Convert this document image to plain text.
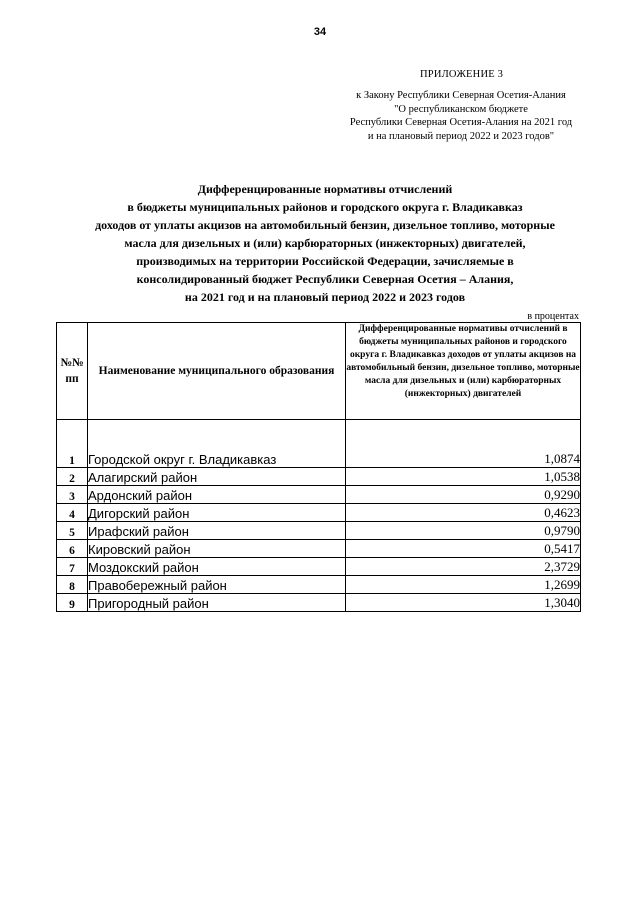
34
ПРИЛОЖЕНИЕ 3
к Закону Республики Северная Осетия-Алания
"О республиканском бюджете
Республики Северная Осетия-Алания на 2021 год
и на плановый период 2022 и 2023 годов"
Дифференцированные нормативы отчислений
в бюджеты муниципальных районов и городского округа г. Владикавказ
доходов от уплаты акцизов на автомобильный бензин, дизельное топливо, моторные
масла для дизельных и (или) карбюраторных (инжекторных) двигателей,
производимых на территории Российской Федерации, зачисляемые в
консолидированный бюджет Республики Северная Осетия – Алания,
на 2021 год и на плановый период 2022 и 2023 годов
в процентах
№№
пп	Наименование муниципального образования	Дифференцированные нормативы отчислений в бюджеты муниципальных районов и городского округа г. Владикавказ доходов от уплаты акцизов на автомобильный бензин, дизельное топливо, моторные масла для дизельных и (или) карбюраторных (инжекторных) двигателей
1	Городской округ г. Владикавказ	1,0874
2	Алагирский район	1,0538
3	Ардонский район	0,9290
4	Дигорский район	0,4623
5	Ирафский район	0,9790
6	Кировский район	0,5417
7	Моздокский район	2,3729
8	Правобережный район	1,2699
9	Пригородный район	1,3040
